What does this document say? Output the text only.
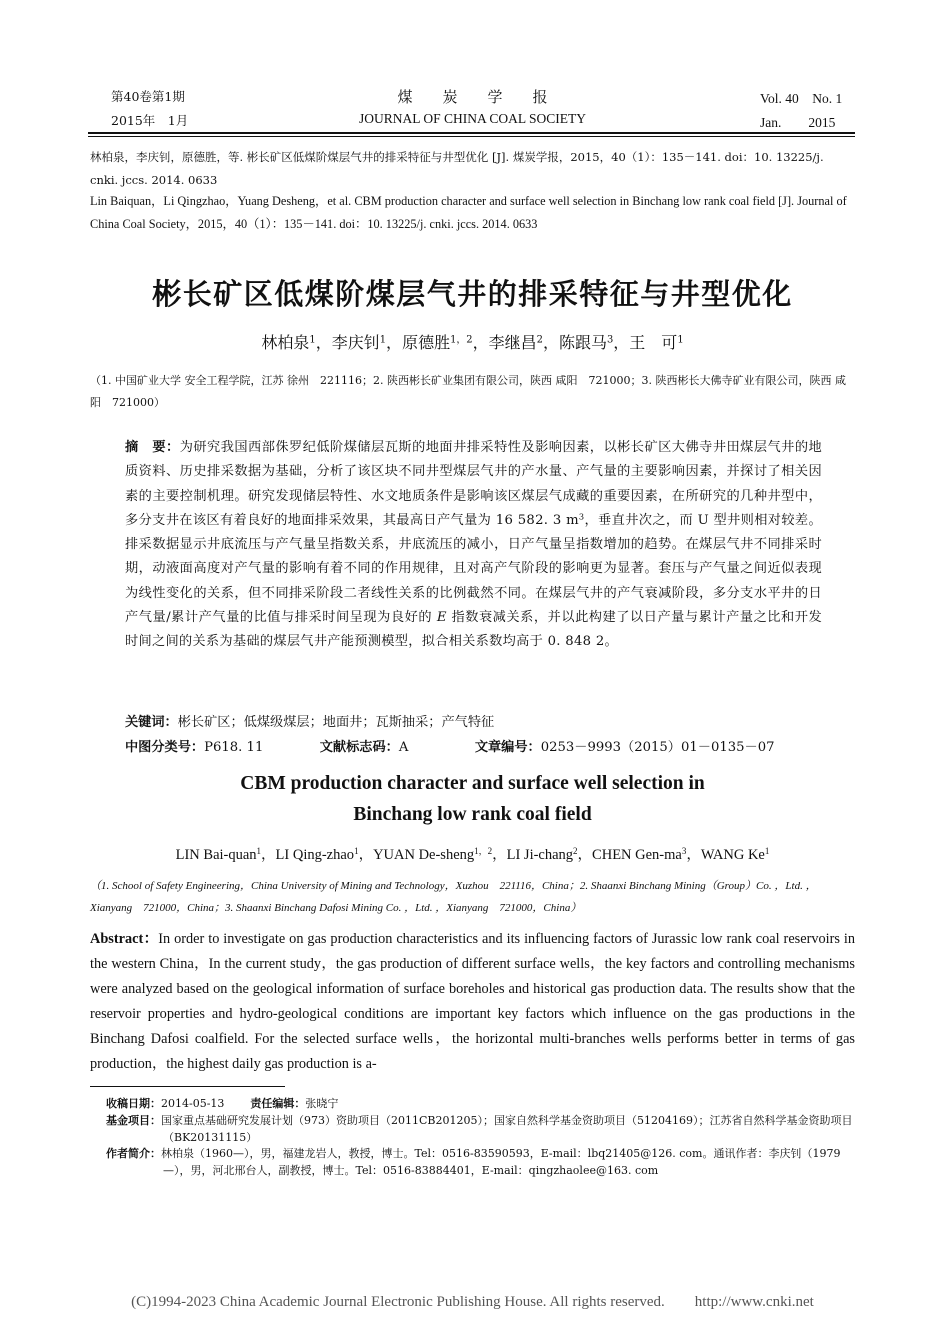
第40卷第1期
2015年　1月
煤　　炭　　学　　报
JOURNAL OF CHINA COAL SOCIETY
Vol. 40　No. 1
Jan.　　2015
林柏泉，李庆钊，原德胜，等. 彬长矿区低煤阶煤层气井的排采特征与井型优化 [J]. 煤炭学报，2015，40（1）：135－141. doi：10. 13225/j. cnki. jccs. 2014. 0633
Lin Baiquan，Li Qingzhao，Yuang Desheng，et al. CBM production character and surface well selection in Binchang low rank coal field [J]. Journal of China Coal Society，2015，40（1）：135－141. doi：10. 13225/j. cnki. jccs. 2014. 0633
彬长矿区低煤阶煤层气井的排采特征与井型优化
林柏泉$^1$，李庆钊$^1$，原德胜$^{1,2}$，李继昌$^2$，陈跟马$^3$，王　可$^1$
（1. 中国矿业大学 安全工程学院，江苏 徐州　221116；2. 陕西彬长矿业集团有限公司，陕西 咸阳　721000；3. 陕西彬长大佛寺矿业有限公司，陕西 咸阳　721000）
摘　要：为研究我国西部侏罗纪低阶煤储层瓦斯的地面井排采特性及影响因素，以彬长矿区大佛寺井田煤层气井的地质资料、历史排采数据为基础，分析了该区块不同井型煤层气井的产水量、产气量的主要影响因素，并探讨了相关因素的主要控制机理。研究发现储层特性、水文地质条件是影响该区煤层气成藏的重要因素，在所研究的几种井型中，多分支井在该区有着良好的地面排采效果，其最高日产气量为 16 582. 3 $m^3$，垂直井次之，而 U 型井则相对较差。排采数据显示井底流压与产气量呈指数关系，井底流压的减小，日产气量呈指数增加的趋势。在煤层气井不同排采时期，动液面高度对产气量的影响有着不同的作用规律，且对高产气阶段的影响更为显著。套压与产气量之间近似表现为线性变化的关系，但不同排采阶段二者线性关系的比例截然不同。在煤层气井的产气衰减阶段，多分支水平井的日产气量/累计产气量的比值与排采时间呈现为良好的 E 指数衰减关系，并以此构建了以日产量与累计产量之比和开发时间之间的关系为基础的煤层气井产能预测模型，拟合相关系数均高于 0. 848 2。
关键词：彬长矿区；低煤级煤层；地面井；瓦斯抽采；产气特征
中图分类号：P618. 11	文献标志码：A	文章编号：0253－9993（2015）01－0135－07
CBM production character and surface well selection in
Binchang low rank coal field
LIN Bai-quan$^1$，LI Qing-zhao$^1$，YUAN De-sheng$^{1,2}$，LI Ji-chang$^2$，CHEN Gen-$ma^3$，WANG Ke$^1$
（1. School of Safety Engineering，China University of Mining and Technology，Xuzhou　221116，China；2. Shaanxi Binchang Mining（Group）Co. ，Ltd. ，Xianyang　721000，China；3. Shaanxi Binchang Dafosi Mining Co. ，Ltd. ，Xianyang　721000，China）
Abstract：In order to investigate on gas production characteristics and its influencing factors of Jurassic low rank coal reservoirs in the western China，In the current study，the gas production of different surface wells，the key factors and controlling mechanisms were analyzed based on the geological information of surface boreholes and historical gas production data. The results show that the reservoir properties and hydro-geological conditions are important key factors which influence on the gas productions in the Binchang Dafosi coalfield. For the selected surface wells，the horizontal multi-branches wells performs better in terms of gas production，the highest daily gas production is a-
收稿日期：2014-05-13 责任编辑：张晓宁
基金项目：国家重点基础研究发展计划（973）资助项目（2011CB201205）；国家自然科学基金资助项目（51204169）；江苏省自然科学基金资助项目（BK20131115）
作者简介：林柏泉（1960—），男，福建龙岩人，教授，博士。Tel：0516-83590593，E-mail：lbq21405@126. com。通讯作者：李庆钊（1979—），男，河北邢台人，副教授，博士。Tel：0516-83884401，E-mail：qingzhaolee@163. com
(C)1994-2023 China Academic Journal Electronic Publishing House. All rights reserved.　　http://www.cnki.net
